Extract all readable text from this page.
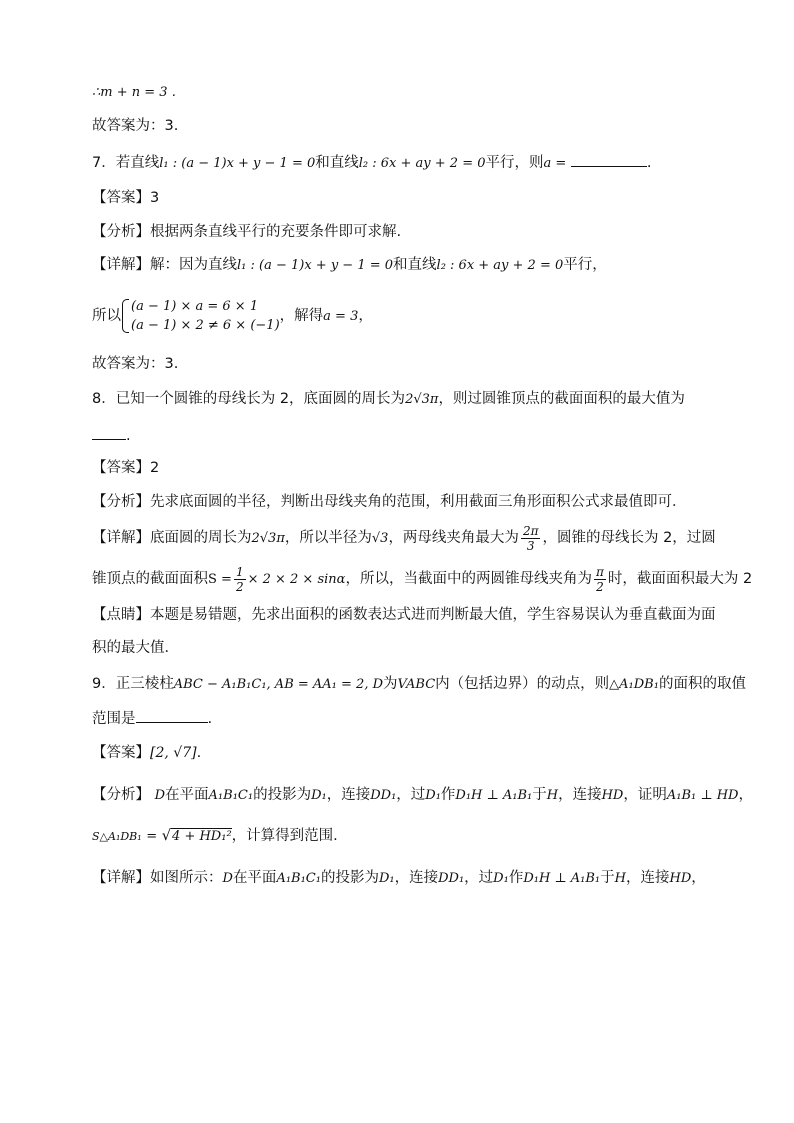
∴m + n = 3 .
故答案为：3.
7．若直线l₁ : (a − 1)x + y − 1 = 0和直线l₂ : 6x + ay + 2 = 0平行，则a =	.
【答案】3
【分析】根据两条直线平行的充要条件即可求解.
【详解】解：因为直线l₁ : (a − 1)x + y − 1 = 0和直线l₂ : 6x + ay + 2 = 0平行，
所以
(a − 1) × a = 6 × 1
(a − 1) × 2 ≠ 6 × (−1)
，解得a = 3，
故答案为：3.
8．已知一个圆锥的母线长为 2，底面圆的周长为2√3π，则过圆锥顶点的截面面积的最大值为
.
【答案】2
【分析】先求底面圆的半径，判断出母线夹角的范围，利用截面三角形面积公式求最值即可．
【详解】底面圆的周长为2√3π，所以半径为√3，两母线夹角最大为 $\frac{2\pi}{3}$ ，圆锥的母线长为 2，过圆
锥顶点的截面面积$S = \frac{1}{2} \times 2 \times 2 \times \sin\alpha$，所以，当截面中的两圆锥母线夹角为 $\frac{\pi}{2}$ 时，截面面积最大为 2
【点睛】本题是易错题，先求出面积的函数表达式进而判断最大值，学生容易误认为垂直截面为面
积的最大值．
9．正三棱柱ABC − A₁B₁C₁, AB = AA₁ = 2, D为VABC内（包括边界）的动点，则△A₁DB₁的面积的取值
范围是	.
【答案】[2, √7].
【分析】 D在平面A₁B₁C₁的投影为D₁，连接DD₁，过D₁作D₁H ⊥ A₁B₁于H，连接HD，证明A₁B₁ ⊥ HD，
S△A₁DB₁ = √4 + HD₁²，计算得到范围.
【详解】如图所示：D在平面A₁B₁C₁的投影为D₁，连接DD₁，过D₁作D₁H ⊥ A₁B₁于H，连接HD，
